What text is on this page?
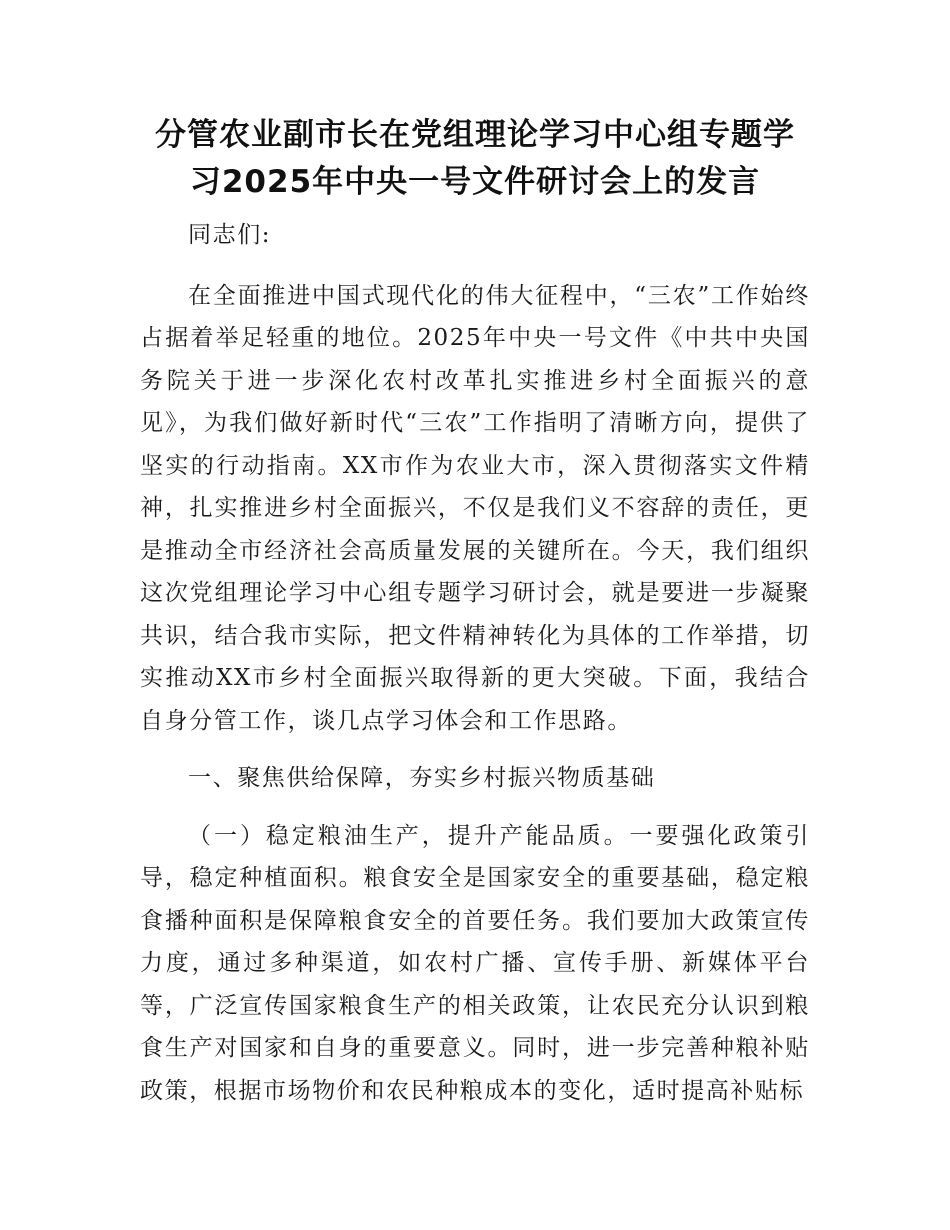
分管农业副市长在党组理论学习中心组专题学习2025年中央一号文件研讨会上的发言

同志们:

在全面推进中国式现代化的伟大征程中，“三农”工作始终占据着举足轻重的地位。2025年中央一号文件《中共中央国务院关于进一步深化农村改革扎实推进乡村全面振兴的意见》，为我们做好新时代“三农”工作指明了清晰方向，提供了坚实的行动指南。XX市作为农业大市，深入贯彻落实文件精神，扎实推进乡村全面振兴，不仅是我们义不容辞的责任，更是推动全市经济社会高质量发展的关键所在。今天，我们组织这次党组理论学习中心组专题学习研讨会，就是要进一步凝聚共识，结合我市实际，把文件精神转化为具体的工作举措，切实推动XX市乡村全面振兴取得新的更大突破。下面，我结合自身分管工作，谈几点学习体会和工作思路。

一、聚焦供给保障，夯实乡村振兴物质基础

（一）稳定粮油生产，提升产能品质。一要强化政策引导，稳定种植面积。粮食安全是国家安全的重要基础，稳定粮食播种面积是保障粮食安全的首要任务。我们要加大政策宣传力度，通过多种渠道，如农村广播、宣传手册、新媒体平台等，广泛宣传国家粮食生产的相关政策，让农民充分认识到粮食生产对国家和自身的重要意义。同时，进一步完善种粮补贴政策，根据市场物价和农民种粮成本的变化，适时提高补贴标
